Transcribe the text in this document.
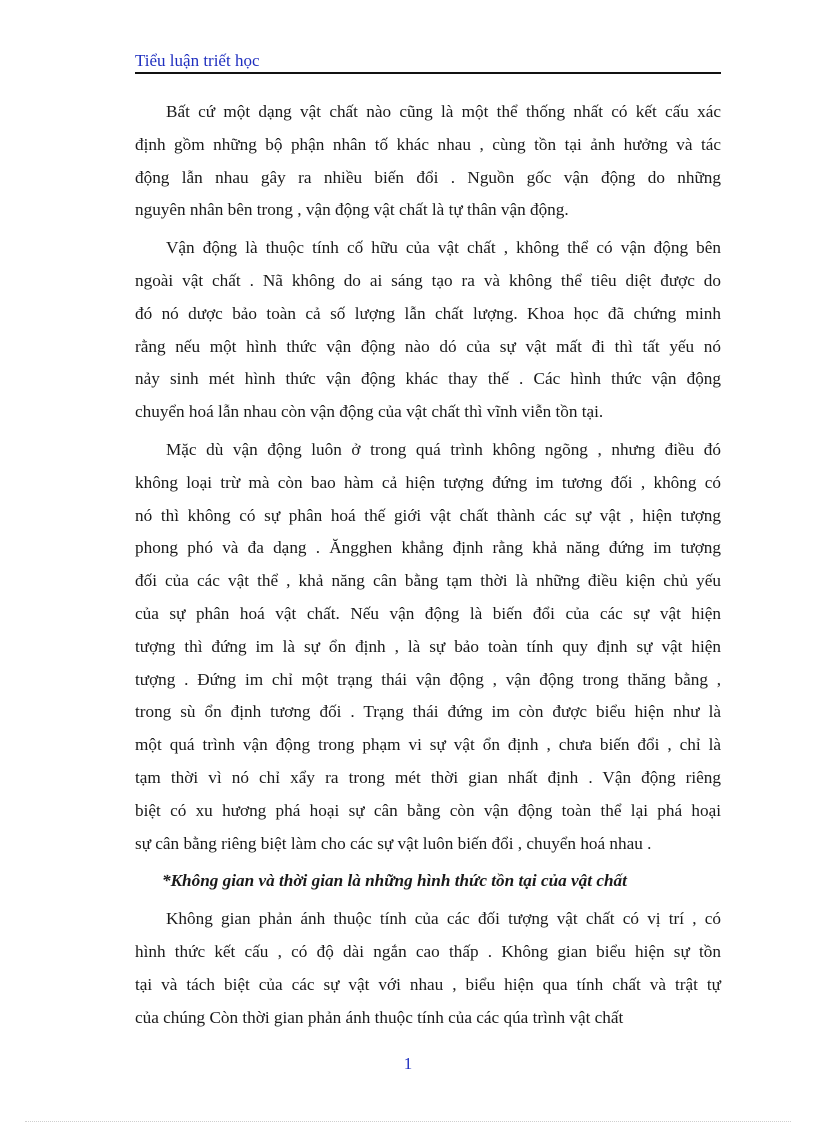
Tiểu luận triết học
Bất cứ một dạng vật chất nào cũng là một thể thống nhất có kết cấu xác
định gồm những bộ phận nhân tố khác nhau , cùng tồn tại ảnh hưởng và tác
động lẫn nhau gây ra nhiều biến đổi . Nguồn gốc vận động do những
nguyên nhân bên trong , vận động vật chất là tự thân vận động.
Vận động là thuộc tính cố hữu của vật chất , không thể có vận động bên
ngoài vật chất . Nã không do ai sáng tạo ra và không thể tiêu diệt được do
đó nó dược bảo toàn cả số lượng lẫn chất lượng. Khoa học đã chứng minh
rằng nếu một hình thức vận động nào dó của sự vật mất đi thì tất yếu nó
nảy sinh mét hình thức vận động khác thay thế . Các hình thức vận động
chuyển hoá lẫn nhau còn vận động của vật chất thì vĩnh viễn tồn tại.
Mặc dù vận động luôn ở trong quá trình không ngõng , nhưng điều đó
không loại trừ mà còn bao hàm cả hiện tượng đứng im tương đối , không có
nó thì không có sự phân hoá thế giới vật chất thành các sự vật , hiện tượng
phong phó và đa dạng . Ăngghen khẳng định rằng khả năng đứng im tượng
đối của các vật thể , khả năng cân bằng tạm thời là những điều kiện chủ yếu
của sự phân hoá vật chất. Nếu vận động là biến đổi của các sự vật hiện
tượng thì đứng im là sự ổn định , là sự bảo toàn tính quy định sự vật hiện
tượng . Đứng im chỉ một trạng thái vận động , vận động trong thăng bằng ,
trong sù ổn định tương đối . Trạng thái đứng im còn được biểu hiện như là
một quá trình vận động trong phạm vi sự vật ổn định , chưa biến đổi , chỉ là
tạm thời vì nó chỉ xẩy ra trong mét thời gian nhất định . Vận động riêng
biệt có xu hương phá hoại sự cân bằng còn vận động toàn thể lại phá hoại
sự cân bằng riêng biệt làm cho các sự vật luôn biến đổi , chuyển hoá nhau .
*Không gian và thời gian là những hình thức tồn tại của vật chất
Không gian phản ánh thuộc tính của các đối tượng vật chất có vị trí , có
hình thức kết cấu , có độ dài ngắn cao thấp . Không gian biểu hiện sự tồn
tại và tách biệt của các sự vật với nhau , biểu hiện qua tính chất và trật tự
của chúng Còn thời gian phản ánh thuộc tính của các qúa trình vật chất
1
